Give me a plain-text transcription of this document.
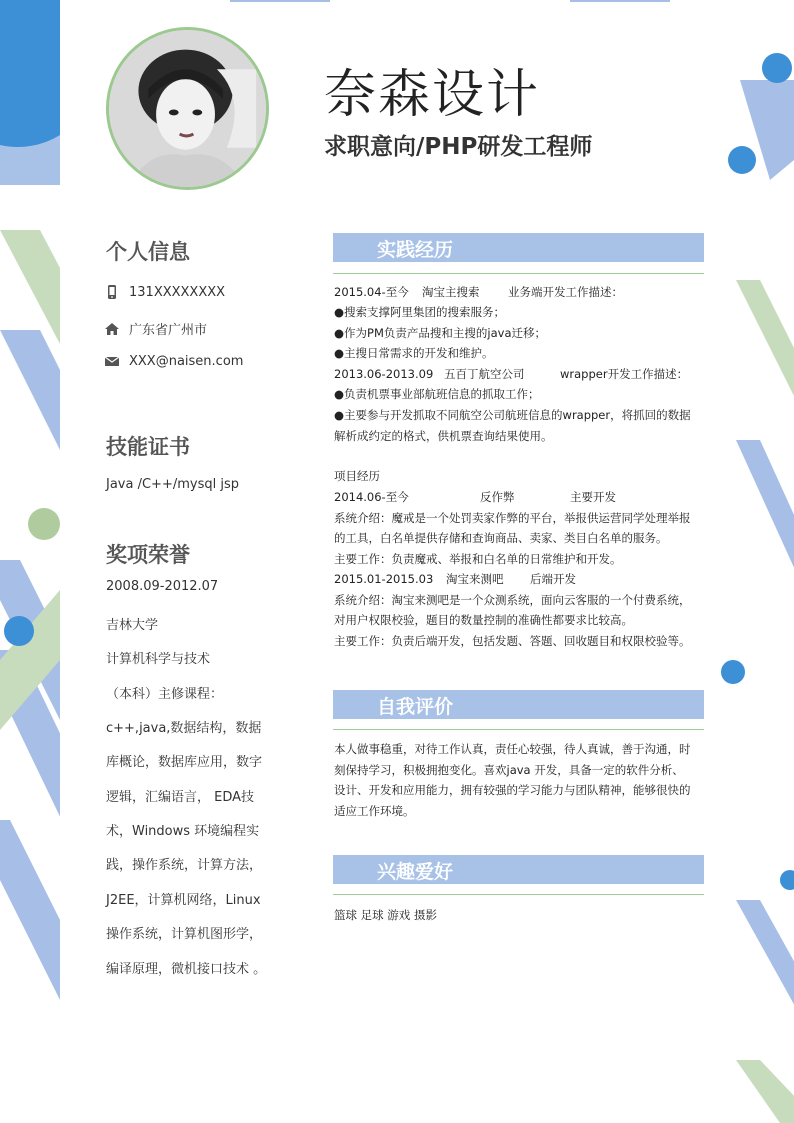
奈森设计
求职意向/PHP研发工程师
个人信息
131XXXXXXXX
广东省广州市
XXX@naisen.com
技能证书
Java /C++/mysql jsp
奖项荣誉
2008.09-2012.07
吉林大学
计算机科学与技术
（本科）主修课程：
c++,java,数据结构，数据
库概论，数据库应用，数字
逻辑，汇编语言， EDA技
术，Windows 环境编程实
践，操作系统，计算方法，
J2EE，计算机网络，Linux
操作系统，计算机图形学，
编译原理，微机接口技术 。
实践经历
2015.04-至今 淘宝主搜索 业务端开发工作描述：
●搜索支撑阿里集团的搜索服务；
●作为PM负责产品搜和主搜的java迁移；
●主搜日常需求的开发和维护。
2013.06-2013.09 五百丁航空公司	wrapper开发工作描述：
●负责机票事业部航班信息的抓取工作；
●主要参与开发抓取不同航空公司航班信息的wrapper，将抓回的数据
解析成约定的格式，供机票查询结果使用。
项目经历
2014.06-至今	反作弊	主要开发
系统介绍：魔戒是一个处罚卖家作弊的平台，举报供运营同学处理举报
的工具，白名单提供存储和查询商品、卖家、类目白名单的服务。
主要工作：负责魔戒、举报和白名单的日常维护和开发。
2015.01-2015.03 淘宝来测吧 后端开发
系统介绍：淘宝来测吧是一个众测系统，面向云客服的一个付费系统，
对用户权限校验，题目的数量控制的准确性都要求比较高。
主要工作：负责后端开发，包括发题、答题、回收题目和权限校验等。
自我评价
本人做事稳重，对待工作认真，责任心较强，待人真诚，善于沟通，时
刻保持学习，积极拥抱变化。喜欢java 开发，具备一定的软件分析、
设计、开发和应用能力，拥有较强的学习能力与团队精神，能够很快的
适应工作环境。
兴趣爱好
篮球 足球 游戏 摄影
